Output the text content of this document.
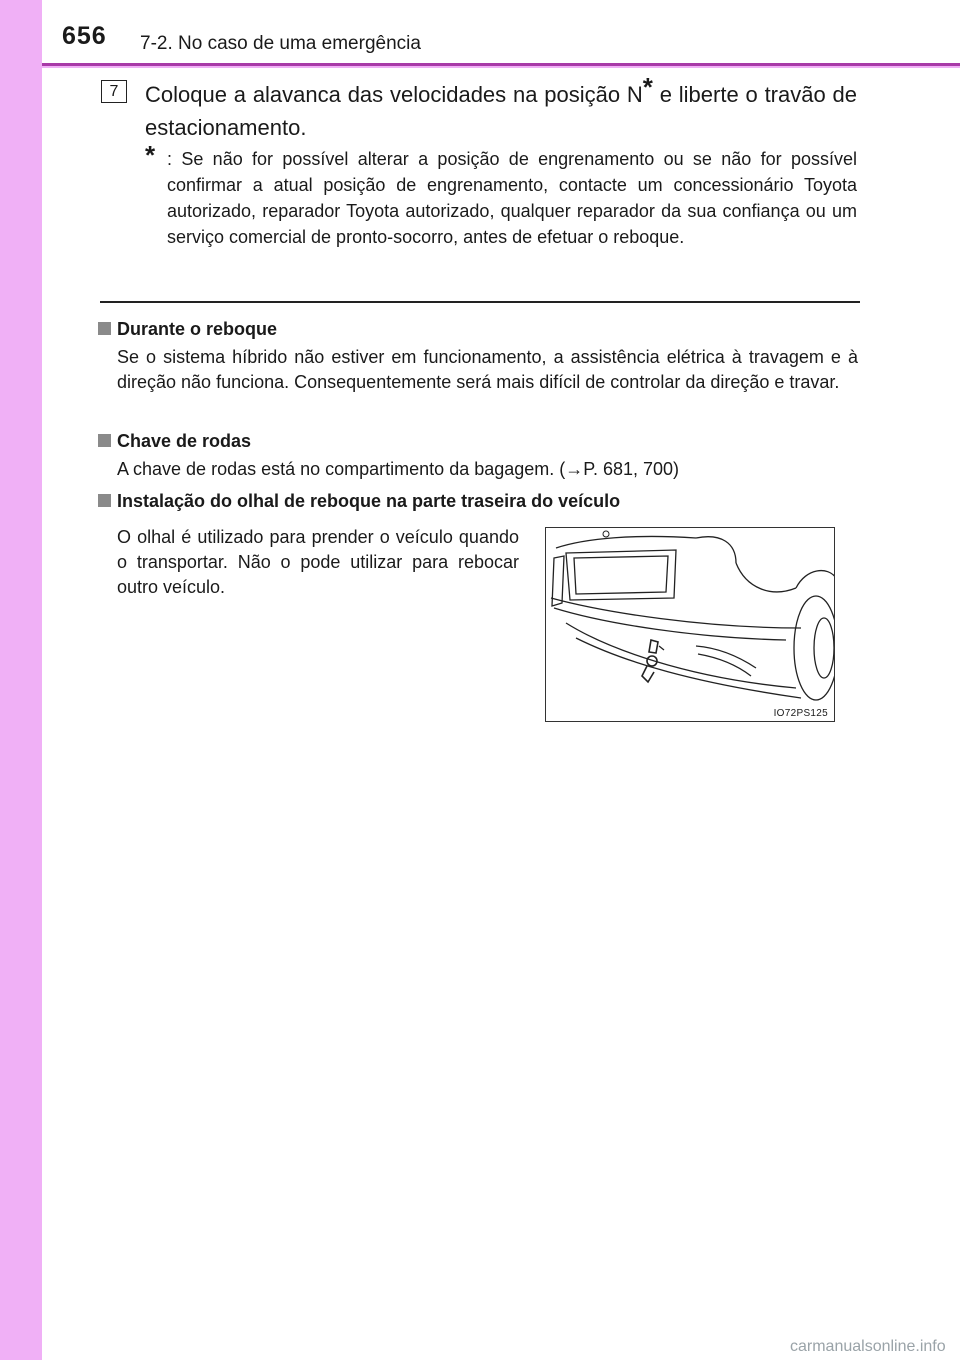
656 7-2. No caso de uma emergência
7	Coloque a alavanca das velocidades na posição N* e liberte o travão de estacionamento.
* : Se não for possível alterar a posição de engrenamento ou se não for possível confirmar a atual posição de engrenamento, contacte um concessionário Toyota autorizado, reparador Toyota autorizado, qualquer reparador da sua confiança ou um serviço comercial de pronto-socorro, antes de efetuar o reboque.
Durante o reboque
Se o sistema híbrido não estiver em funcionamento, a assistência elétrica à travagem e à direção não funciona. Consequentemente será mais difícil de controlar da direção e travar.
Chave de rodas
A chave de rodas está no compartimento da bagagem. (→P. 681, 700)
Instalação do olhal de reboque na parte traseira do veículo
O olhal é utilizado para prender o veículo quando o transportar. Não o pode utilizar para rebocar outro veículo.
IO72PS125
carmanualsonline.info
